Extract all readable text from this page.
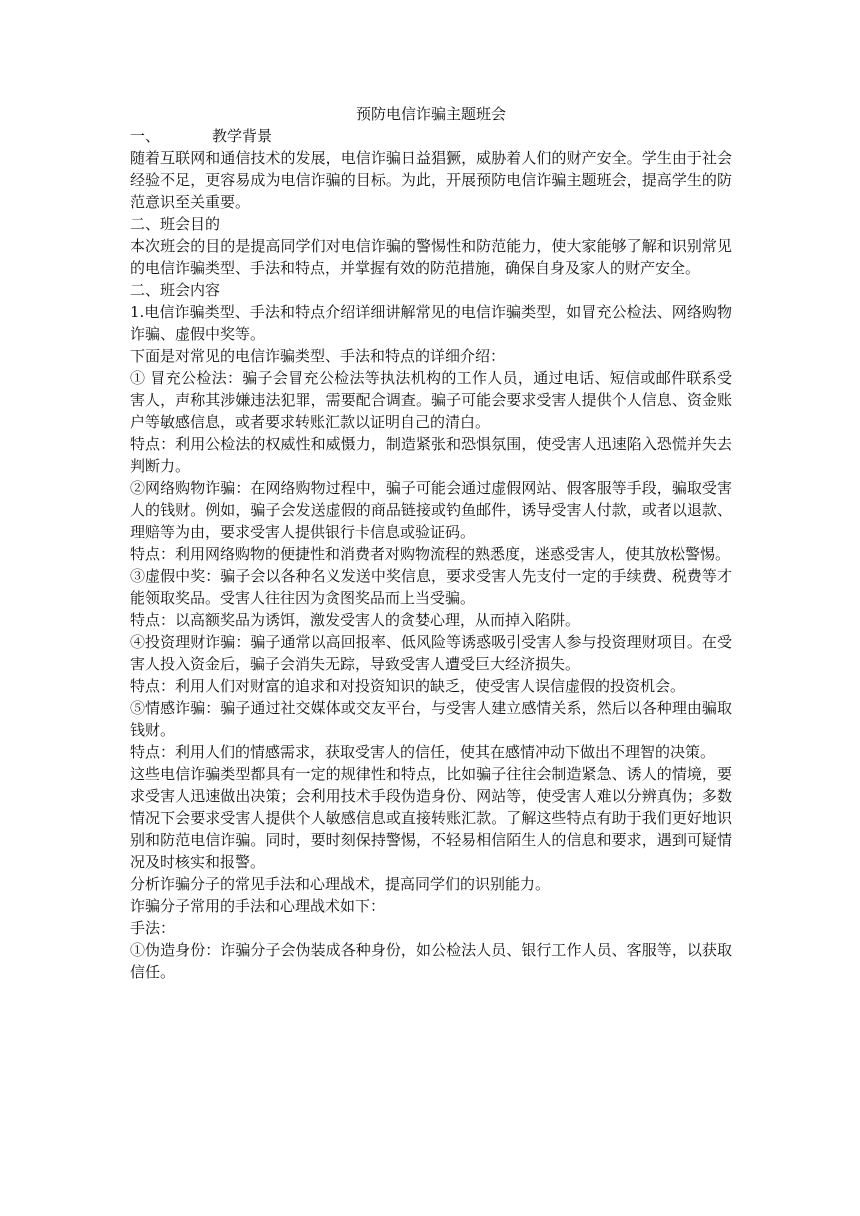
预防电信诈骗主题班会

一、	教学背景

随着互联网和通信技术的发展，电信诈骗日益猖獗，威胁着人们的财产安全。学生由于社会经验不足，更容易成为电信诈骗的目标。为此，开展预防电信诈骗主题班会，提高学生的防范意识至关重要。

二、班会目的

本次班会的目的是提高同学们对电信诈骗的警惕性和防范能力，使大家能够了解和识别常见的电信诈骗类型、手法和特点，并掌握有效的防范措施，确保自身及家人的财产安全。

二、班会内容

1.电信诈骗类型、手法和特点介绍详细讲解常见的电信诈骗类型，如冒充公检法、网络购物诈骗、虚假中奖等。

下面是对常见的电信诈骗类型、手法和特点的详细介绍：

① 冒充公检法：骗子会冒充公检法等执法机构的工作人员，通过电话、短信或邮件联系受害人，声称其涉嫌违法犯罪，需要配合调查。骗子可能会要求受害人提供个人信息、资金账户等敏感信息，或者要求转账汇款以证明自己的清白。

特点：利用公检法的权威性和威慑力，制造紧张和恐惧氛围，使受害人迅速陷入恐慌并失去判断力。

②网络购物诈骗：在网络购物过程中，骗子可能会通过虚假网站、假客服等手段，骗取受害人的钱财。例如，骗子会发送虚假的商品链接或钓鱼邮件，诱导受害人付款，或者以退款、理赔等为由，要求受害人提供银行卡信息或验证码。

特点：利用网络购物的便捷性和消费者对购物流程的熟悉度，迷惑受害人，使其放松警惕。

③虚假中奖：骗子会以各种名义发送中奖信息，要求受害人先支付一定的手续费、税费等才能领取奖品。受害人往往因为贪图奖品而上当受骗。

特点：以高额奖品为诱饵，激发受害人的贪婪心理，从而掉入陷阱。

④投资理财诈骗：骗子通常以高回报率、低风险等诱惑吸引受害人参与投资理财项目。在受害人投入资金后，骗子会消失无踪，导致受害人遭受巨大经济损失。

特点：利用人们对财富的追求和对投资知识的缺乏，使受害人误信虚假的投资机会。

⑤情感诈骗：骗子通过社交媒体或交友平台，与受害人建立感情关系，然后以各种理由骗取钱财。

特点：利用人们的情感需求，获取受害人的信任，使其在感情冲动下做出不理智的决策。

这些电信诈骗类型都具有一定的规律性和特点，比如骗子往往会制造紧急、诱人的情境，要求受害人迅速做出决策；会利用技术手段伪造身份、网站等，使受害人难以分辨真伪；多数情况下会要求受害人提供个人敏感信息或直接转账汇款。了解这些特点有助于我们更好地识别和防范电信诈骗。同时，要时刻保持警惕，不轻易相信陌生人的信息和要求，遇到可疑情况及时核实和报警。

分析诈骗分子的常见手法和心理战术，提高同学们的识别能力。

诈骗分子常用的手法和心理战术如下：

手法：

①伪造身份：诈骗分子会伪装成各种身份，如公检法人员、银行工作人员、客服等，以获取信任。
